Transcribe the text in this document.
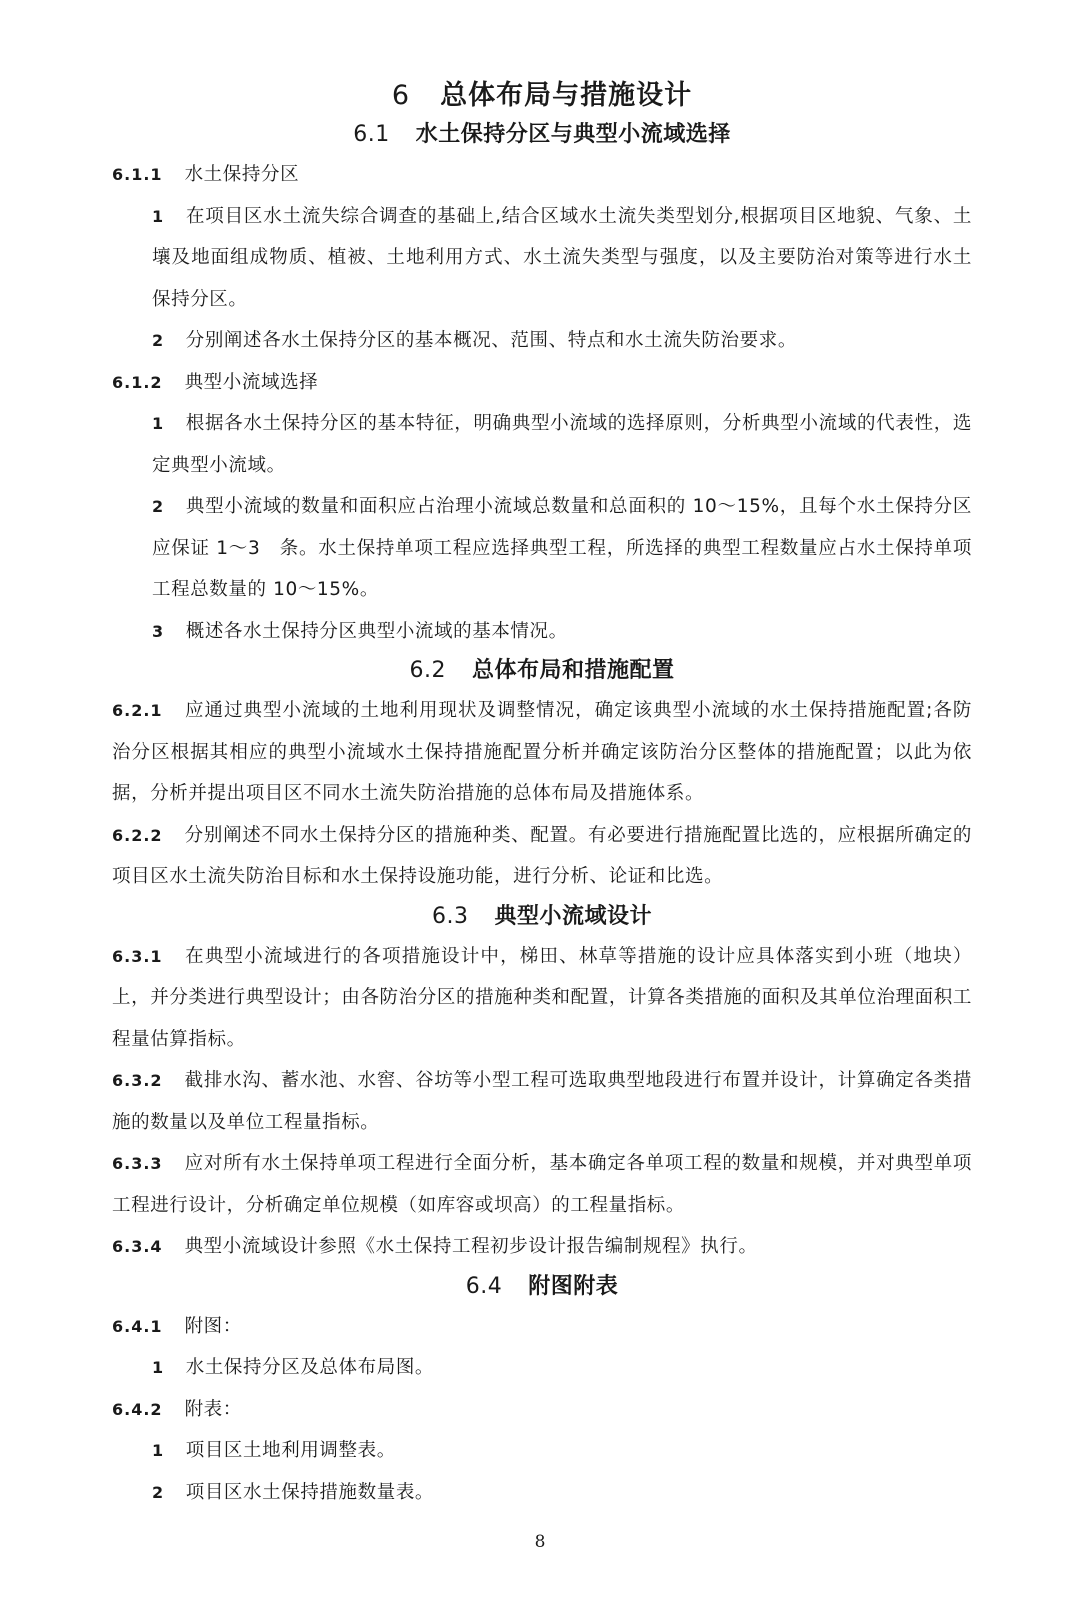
6 总体布局与措施设计
6.1 水土保持分区与典型小流域选择

6.1.1 水土保持分区

1 在项目区水土流失综合调查的基础上,结合区域水土流失类型划分,根据项目区地貌、气象、土壤及地面组成物质、植被、土地利用方式、水土流失类型与强度，以及主要防治对策等进行水土保持分区。

2 分别阐述各水土保持分区的基本概况、范围、特点和水土流失防治要求。

6.1.2 典型小流域选择

1 根据各水土保持分区的基本特征，明确典型小流域的选择原则，分析典型小流域的代表性，选定典型小流域。

2 典型小流域的数量和面积应占治理小流域总数量和总面积的 10～15%，且每个水土保持分区应保证 1～3　条。水土保持单项工程应选择典型工程，所选择的典型工程数量应占水土保持单项工程总数量的 10～15%。

3 概述各水土保持分区典型小流域的基本情况。

6.2 总体布局和措施配置

6.2.1 应通过典型小流域的土地利用现状及调整情况，确定该典型小流域的水土保持措施配置;各防治分区根据其相应的典型小流域水土保持措施配置分析并确定该防治分区整体的措施配置；以此为依据，分析并提出项目区不同水土流失防治措施的总体布局及措施体系。

6.2.2 分别阐述不同水土保持分区的措施种类、配置。有必要进行措施配置比选的，应根据所确定的项目区水土流失防治目标和水土保持设施功能，进行分析、论证和比选。

6.3 典型小流域设计

6.3.1 在典型小流域进行的各项措施设计中，梯田、林草等措施的设计应具体落实到小班（地块）上，并分类进行典型设计；由各防治分区的措施种类和配置，计算各类措施的面积及其单位治理面积工程量估算指标。

6.3.2 截排水沟、蓄水池、水窖、谷坊等小型工程可选取典型地段进行布置并设计，计算确定各类措施的数量以及单位工程量指标。

6.3.3 应对所有水土保持单项工程进行全面分析，基本确定各单项工程的数量和规模，并对典型单项工程进行设计，分析确定单位规模（如库容或坝高）的工程量指标。

6.3.4 典型小流域设计参照《水土保持工程初步设计报告编制规程》执行。

6.4 附图附表

6.4.1 附图：

1 水土保持分区及总体布局图。

6.4.2 附表：

1 项目区土地利用调整表。

2 项目区水土保持措施数量表。

8
